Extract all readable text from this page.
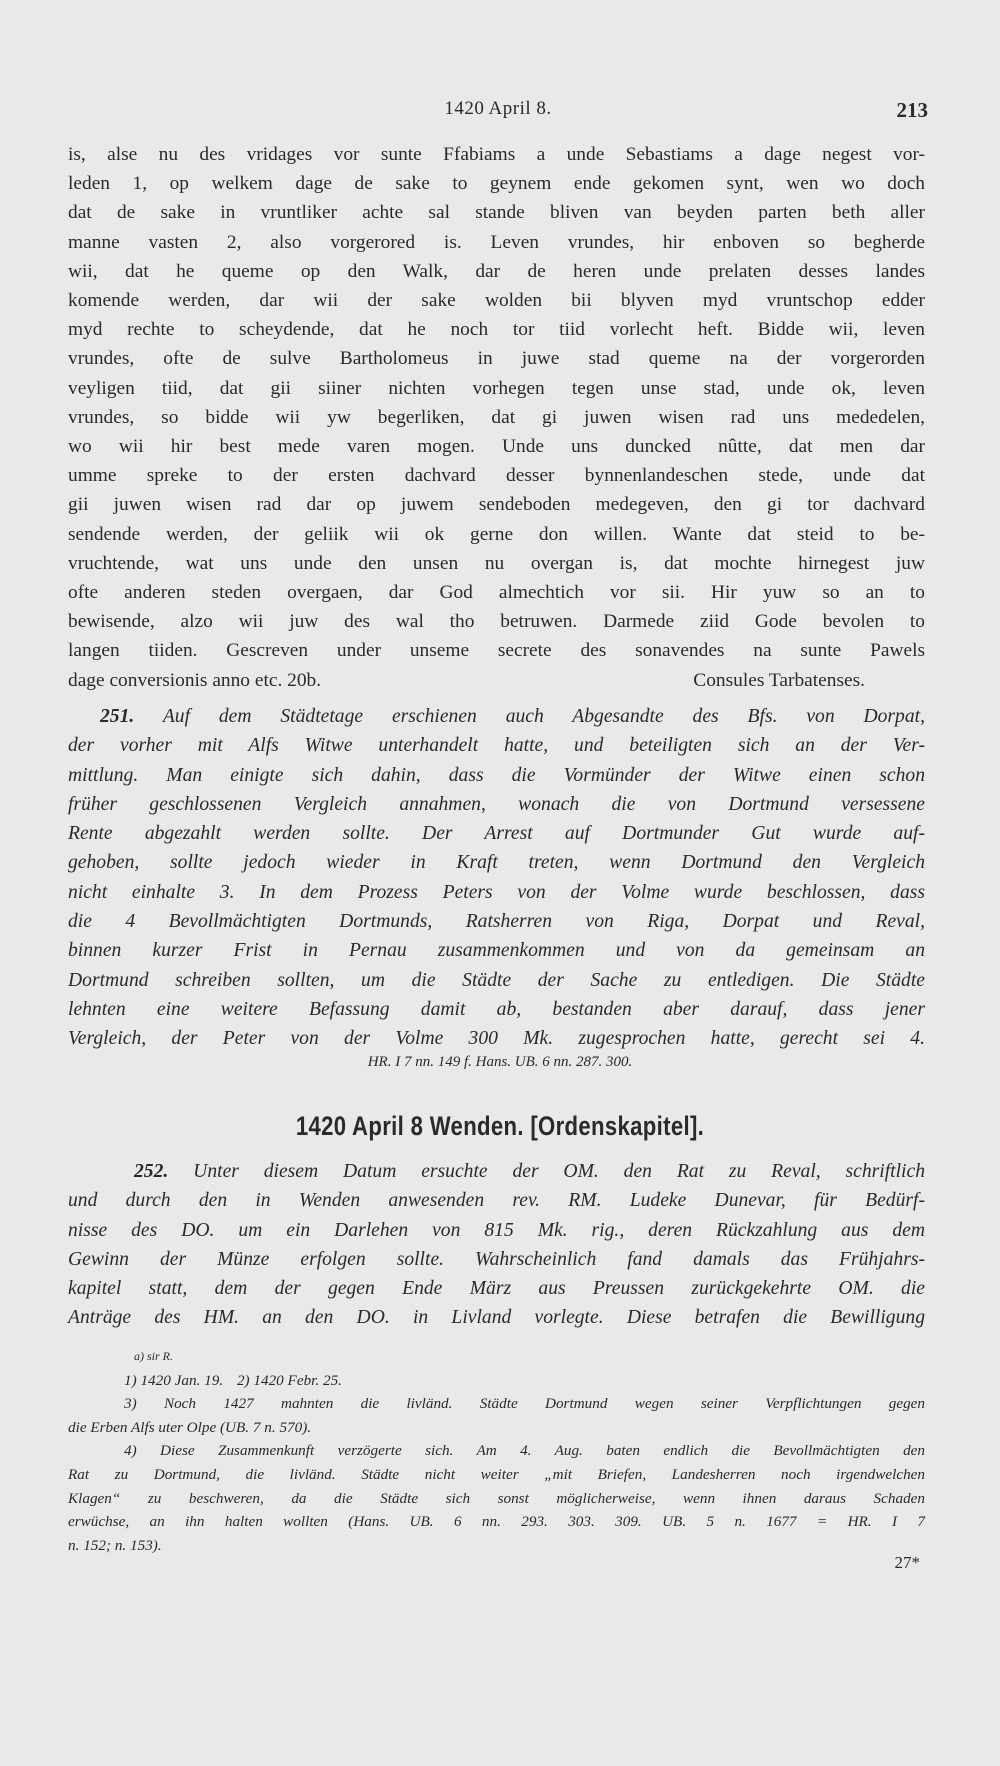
1420 April 8.	213
is, alse nu des vridages vor sunte Ffabiams a unde Sebastiams a dage negest vor-
leden 1, op welkem dage de sake to geynem ende gekomen synt, wen wo doch
dat de sake in vruntliker achte sal stande bliven van beyden parten beth aller
manne vasten 2, also vorgerored is. Leven vrundes, hir enboven so begherde
wii, dat he queme op den Walk, dar de heren unde prelaten desses landes
komende werden, dar wii der sake wolden bii blyven myd vruntschop edder
myd rechte to scheydende, dat he noch tor tiid vorlecht heft. Bidde wii, leven
vrundes, ofte de sulve Bartholomeus in juwe stad queme na der vorgerorden
veyligen tiid, dat gii siiner nichten vorhegen tegen unse stad, unde ok, leven
vrundes, so bidde wii yw begerliken, dat gi juwen wisen rad uns mededelen,
wo wii hir best mede varen mogen. Unde uns duncked nûtte, dat men dar
umme spreke to der ersten dachvard desser bynnenlandeschen stede, unde dat
gii juwen wisen rad dar op juwem sendeboden medegeven, den gi tor dachvard
sendende werden, der geliik wii ok gerne don willen. Wante dat steid to be-
vruchtende, wat uns unde den unsen nu overgan is, dat mochte hirnegest juw
ofte anderen steden overgaen, dar God almechtich vor sii. Hir yuw so an to
bewisende, alzo wii juw des wal tho betruwen. Darmede ziid Gode bevolen to
langen tiiden. Gescreven under unseme secrete des sonavendes na sunte Pawels
dage conversionis anno etc. 20b.	Consules Tarbatenses.
251. Auf dem Städtetage erschienen auch Abgesandte des Bfs. von Dorpat,
der vorher mit Alfs Witwe unterhandelt hatte, und beteiligten sich an der Ver-
mittlung. Man einigte sich dahin, dass die Vormünder der Witwe einen schon
früher geschlossenen Vergleich annahmen, wonach die von Dortmund versessene
Rente abgezahlt werden sollte. Der Arrest auf Dortmunder Gut wurde auf-
gehoben, sollte jedoch wieder in Kraft treten, wenn Dortmund den Vergleich
nicht einhalte 3. In dem Prozess Peters von der Volme wurde beschlossen, dass
die 4 Bevollmächtigten Dortmunds, Ratsherren von Riga, Dorpat und Reval,
binnen kurzer Frist in Pernau zusammenkommen und von da gemeinsam an
Dortmund schreiben sollten, um die Städte der Sache zu entledigen. Die Städte
lehnten eine weitere Befassung damit ab, bestanden aber darauf, dass jener
Vergleich, der Peter von der Volme 300 Mk. zugesprochen hatte, gerecht sei 4.
HR. I 7 nn. 149 f. Hans. UB. 6 nn. 287. 300.
1420 April 8 Wenden. [Ordenskapitel].
252. Unter diesem Datum ersuchte der OM. den Rat zu Reval, schriftlich
und durch den in Wenden anwesenden rev. RM. Ludeke Dunevar, für Bedürf-
nisse des DO. um ein Darlehen von 815 Mk. rig., deren Rückzahlung aus dem
Gewinn der Münze erfolgen sollte. Wahrscheinlich fand damals das Frühjahrs-
kapitel statt, dem der gegen Ende März aus Preussen zurückgekehrte OM. die
Anträge des HM. an den DO. in Livland vorlegte. Diese betrafen die Bewilligung
a) sir R.
1) 1420 Jan. 19. 2) 1420 Febr. 25.
3) Noch 1427 mahnten die livländ. Städte Dortmund wegen seiner Verpflichtungen gegen
die Erben Alfs uter Olpe (UB. 7 n. 570).
4) Diese Zusammenkunft verzögerte sich. Am 4. Aug. baten endlich die Bevollmächtigten den
Rat zu Dortmund, die livländ. Städte nicht weiter „mit Briefen, Landesherren noch irgendwelchen
Klagen“ zu beschweren, da die Städte sich sonst möglicherweise, wenn ihnen daraus Schaden
erwüchse, an ihn halten wollten (Hans. UB. 6 nn. 293. 303. 309. UB. 5 n. 1677 = HR. I 7
n. 152; n. 153).
27*
